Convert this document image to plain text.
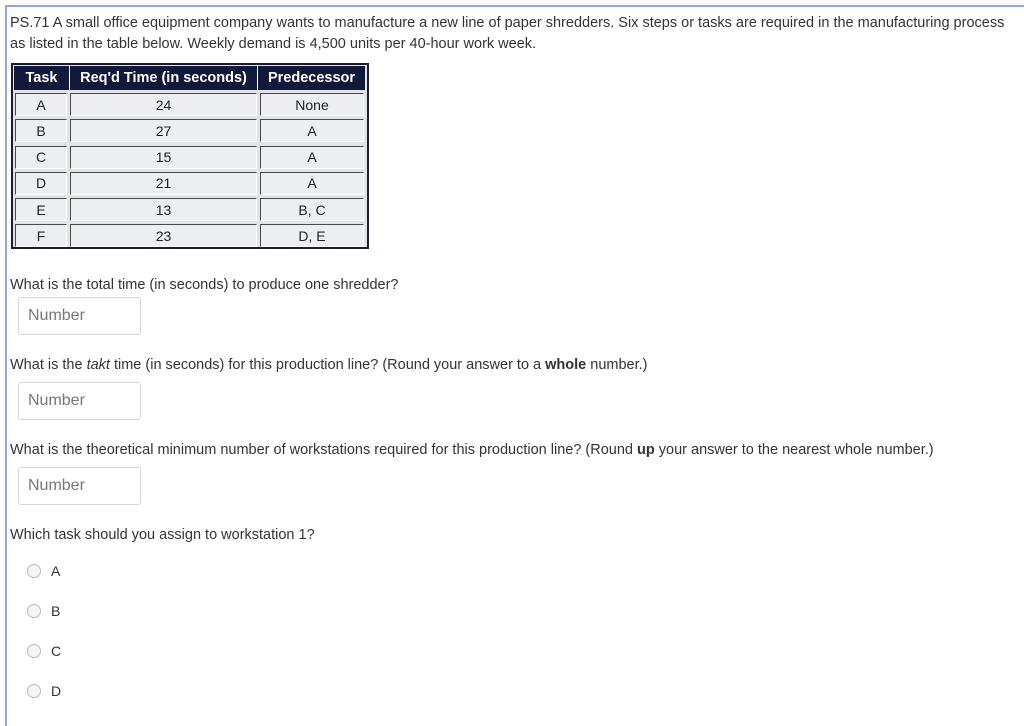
PS.71 A small office equipment company wants to manufacture a new line of paper shredders. Six steps or tasks are required in the manufacturing process
as listed in the table below. Weekly demand is 4,500 units per 40-hour work week.
Task	Req'd Time (in seconds)	Predecessor
A	24	None
B	27	A
C	15	A
D	21	A
E	13	B, C
F	23	D, E
What is the total time (in seconds) to produce one shredder?
Number
What is the takt time (in seconds) for this production line? (Round your answer to a whole number.)
Number
What is the theoretical minimum number of workstations required for this production line? (Round up your answer to the nearest whole number.)
Number
Which task should you assign to workstation 1?
A
B
C
D
